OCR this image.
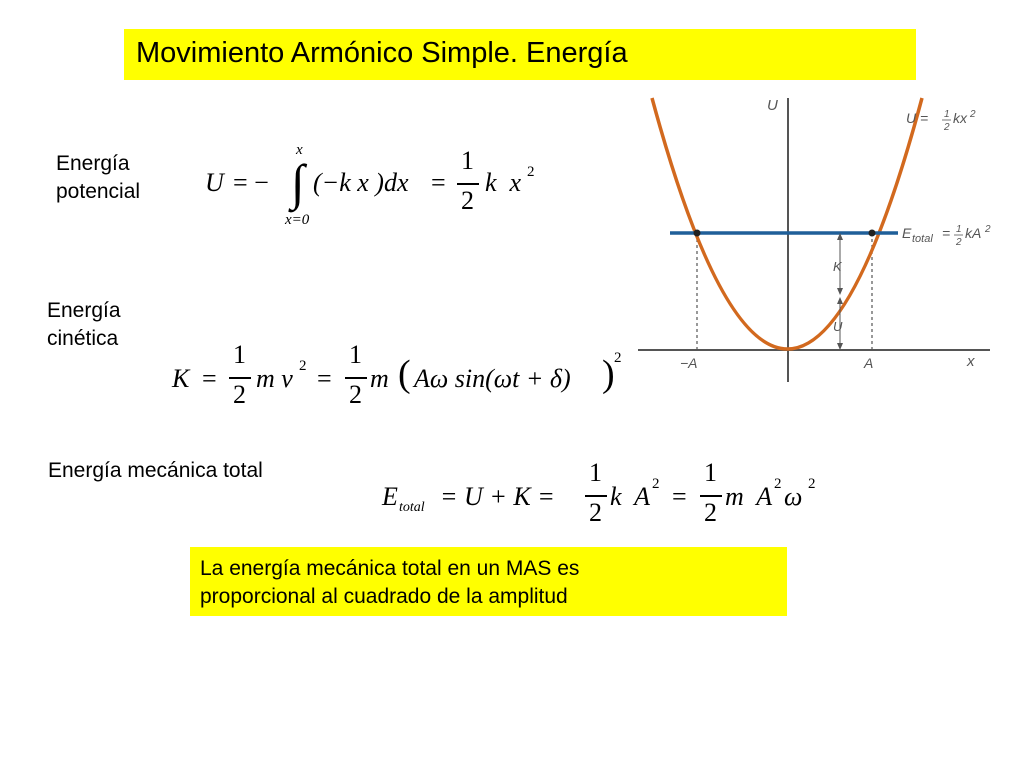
Movimiento Armónico Simple. Energía
Energía
potencial U = − ∫
x
x=0
(−k x )dx =
1
2
k  x 2
Energía
cinética
K =
1
2
m v 2 =
1
2
m ( Aω sin(ωt + δ) ) 2
Energía mecánica total
E total = U + K =
1
2
k  A 2 =
1
2
m  A 2 ω 2
La energía mecánica total en un MAS es
proporcional al cuadrado de la amplitud
U
x
−A	A
K
U
U = 1
2
kx 2
E total = 1
2
kA 2
